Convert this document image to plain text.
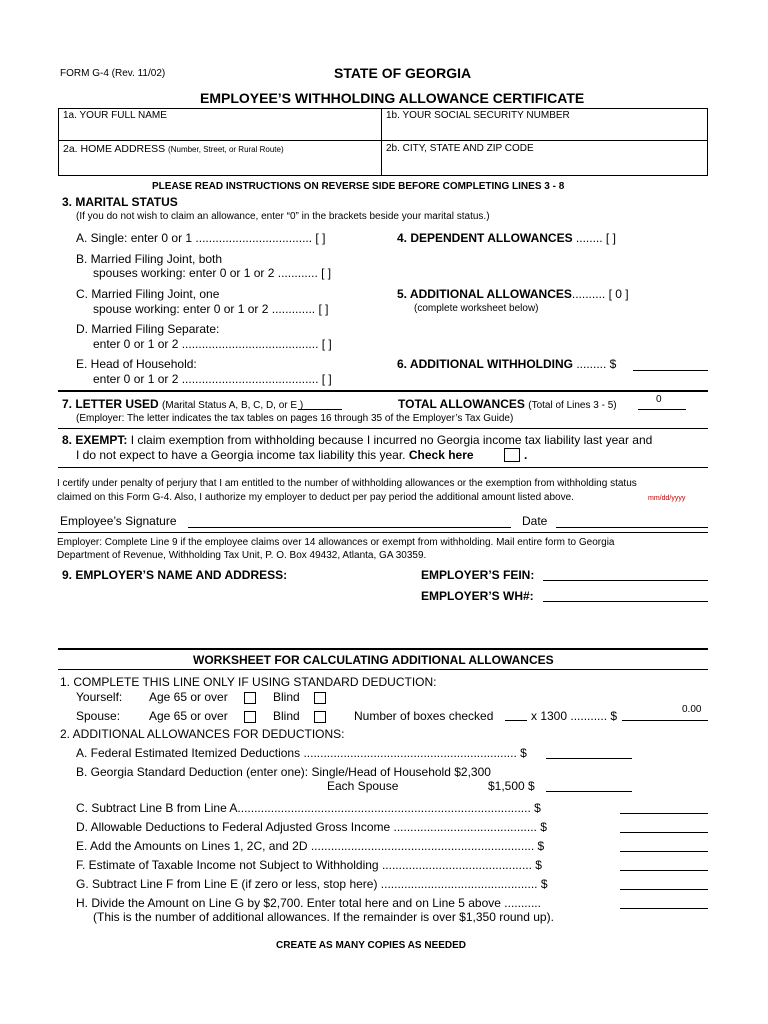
FORM G-4 (Rev. 11/02)	STATE OF GEORGIA
EMPLOYEE’S WITHHOLDING ALLOWANCE CERTIFICATE
1a. YOUR FULL NAME	1b. YOUR SOCIAL SECURITY NUMBER
2a. HOME ADDRESS (Number, Street, or Rural Route)	2b. CITY, STATE AND ZIP CODE
PLEASE READ INSTRUCTIONS ON REVERSE SIDE BEFORE COMPLETING LINES 3 - 8
3. MARITAL STATUS
(If you do not wish to claim an allowance, enter “0” in the brackets beside your marital status.)
A. Single: enter 0 or 1 ................................... [ ]
B. Married Filing Joint, both
spouses working: enter 0 or 1 or 2 ............ [ ]
C. Married Filing Joint, one
spouse working: enter 0 or 1 or 2 ............. [ ]
D. Married Filing Separate:
enter 0 or 1 or 2 ......................................... [ ]
E. Head of Household:
enter 0 or 1 or 2 ......................................... [ ]
4. DEPENDENT ALLOWANCES ........ [ ]
5. ADDITIONAL ALLOWANCES.......... [ 0 ]
(complete worksheet below)
6. ADDITIONAL WITHHOLDING ......... $
7. LETTER USED (Marital Status A, B, C, D, or E )	TOTAL ALLOWANCES (Total of Lines 3 - 5)
0
(Employer: The letter indicates the tax tables on pages 16 through 35 of the Employer’s Tax Guide)
8. EXEMPT: I claim exemption from withholding because I incurred no Georgia income tax liability last year and
I do not expect to have a Georgia income tax liability this year. Check here	.
I certify under penalty of perjury that I am entitled to the number of withholding allowances or the exemption from withholding status
claimed on this Form G-4. Also, I authorize my employer to deduct per pay period the additional amount listed above.	mm/dd/yyyy
Employee’s Signature	Date
Employer: Complete Line 9 if the employee claims over 14 allowances or exempt from withholding. Mail entire form to Georgia
Department of Revenue, Withholding Tax Unit, P. O. Box 49432, Atlanta, GA 30359.
9. EMPLOYER’S NAME AND ADDRESS:	EMPLOYER’S FEIN:
EMPLOYER’S WH#:
WORKSHEET FOR CALCULATING ADDITIONAL ALLOWANCES
1. COMPLETE THIS LINE ONLY IF USING STANDARD DEDUCTION:
Yourself: Age 65 or over	Blind
Spouse: Age 65 or over	Blind	Number of boxes checked	x 1300 ........... $	0.00
2. ADDITIONAL ALLOWANCES FOR DEDUCTIONS:
A. Federal Estimated Itemized Deductions ................................................................ $
B. Georgia Standard Deduction (enter one): Single/Head of Household $2,300
Each Spouse	$1,500 $
C. Subtract Line B from Line A........................................................................................ $
D. Allowable Deductions to Federal Adjusted Gross Income ........................................... $
E. Add the Amounts on Lines 1, 2C, and 2D ................................................................... $
F. Estimate of Taxable Income not Subject to Withholding ............................................. $
G. Subtract Line F from Line E (if zero or less, stop here) ............................................... $
H. Divide the Amount on Line G by $2,700. Enter total here and on Line 5 above ...........
(This is the number of additional allowances. If the remainder is over $1,350 round up).
CREATE AS MANY COPIES AS NEEDED
